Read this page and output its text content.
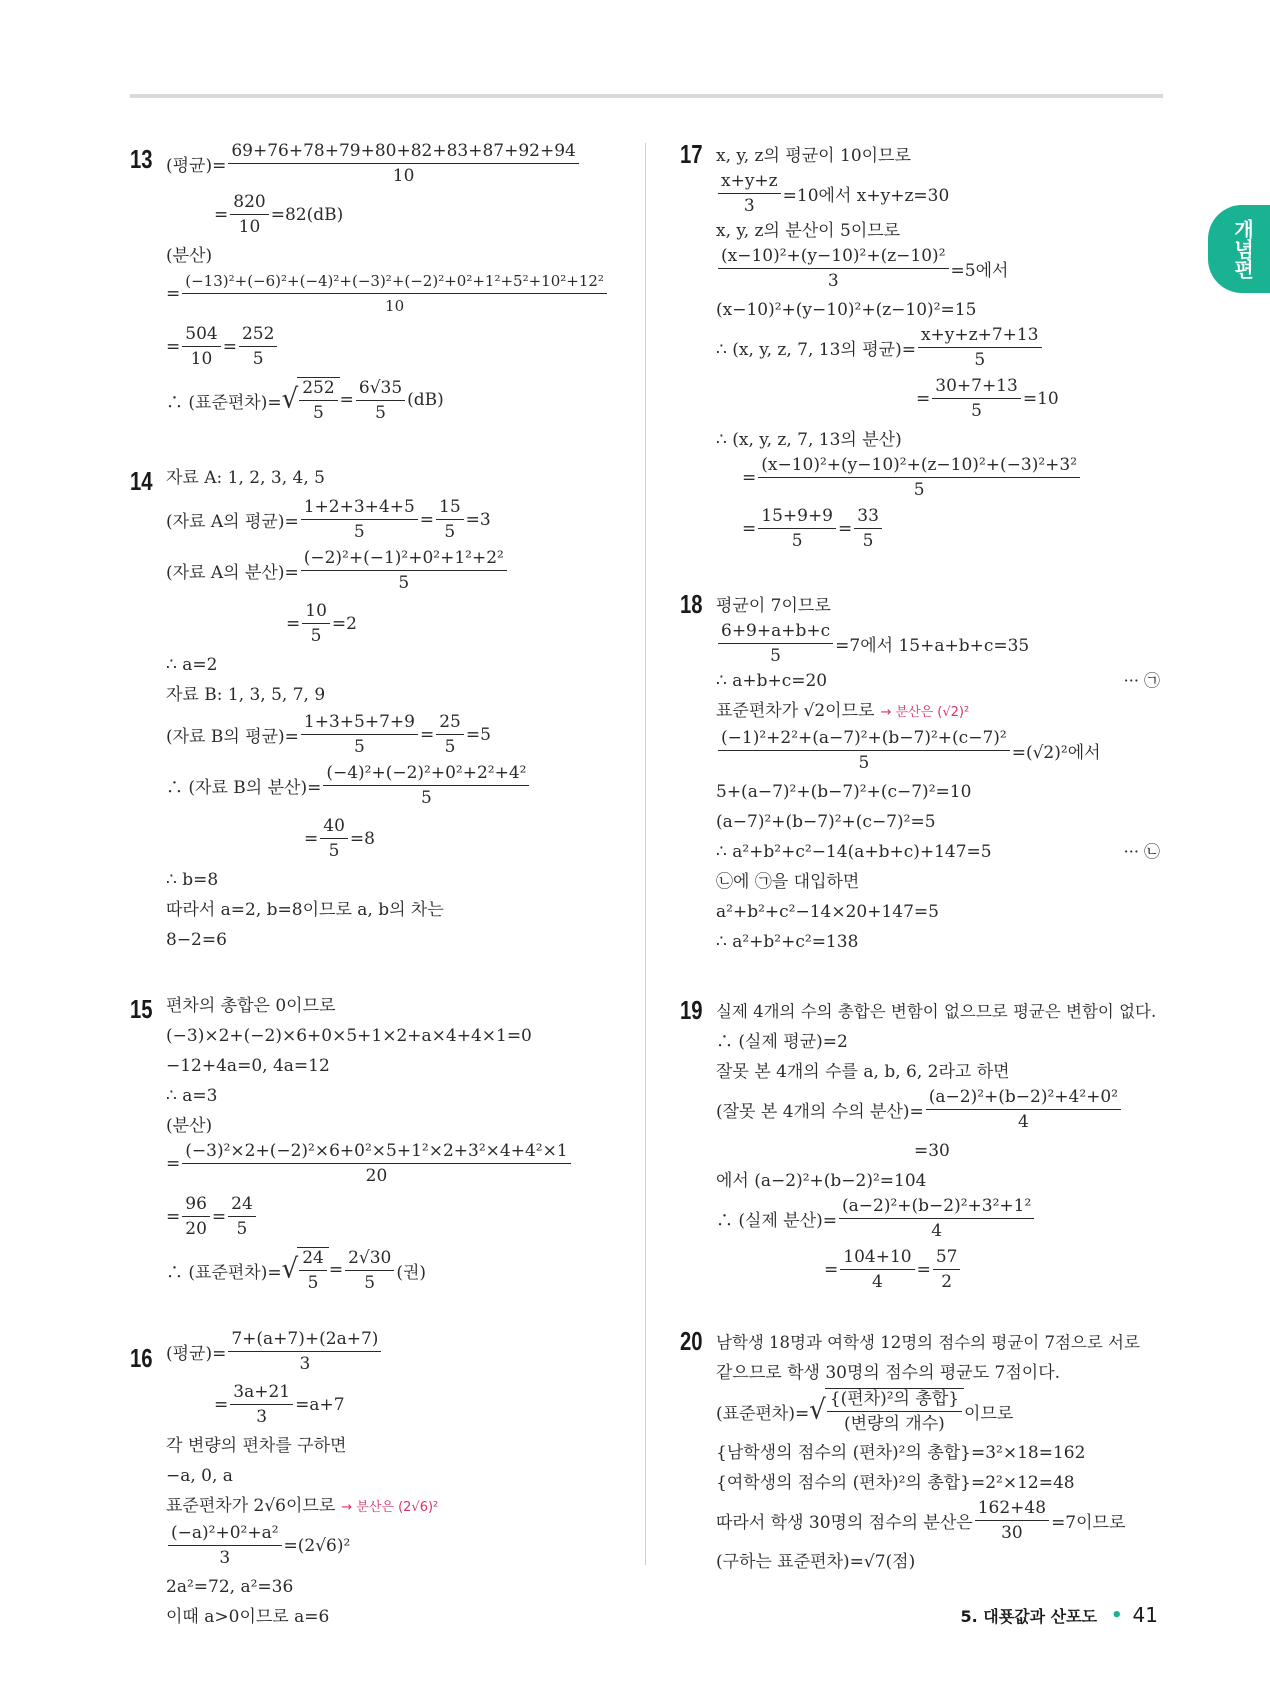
개념편
13 (평균)= $\frac{69+76+78+79+80+82+83+87+92+94}{10}$
= $\frac{820}{10} =82(dB)$
(분산)
= $\frac{\text{(−13)²+(−6)²+(−4)²+(−3)²+(−2)²+0²+1²+5²+10²+12²}}{10}$
= $\frac{504}{10} = \frac{252}{5}$
∴ (표준편차)= √ $\frac{252}{5} = \frac{6√35}{5} (dB)$
14 자료 A: 1, 2, 3, 4, 5
(자료 A의 평균)= $\frac{1+2+3+4+5}{5} = \frac{15}{5} =3$
(자료 A의 분산)= $\frac{\text{(−2)²+(−1)²+0²+1²+2²}}{5}$
= $\frac{10}{5} =2$
∴ a=2
자료 B: 1, 3, 5, 7, 9
(자료 B의 평균)= $\frac{1+3+5+7+9}{5} = \frac{25}{5} =5$
∴ (자료 B의 분산)= $\frac{\text{(−4)²+(−2)²+0²+2²+4²}}{5}$
= $\frac{40}{5} =8$
∴ b=8
따라서 a=2, b=8이므로 a, b의 차는
8−2=6
15 편차의 총합은 0이므로
(−3)×2+(−2)×6+0×5+1×2+a×4+4×1=0
−12+4a=0, 4a=12
∴ a=3
(분산)
= $\frac{\text{(−3)²×2+(−2)²×6+0²×5+1²×2+3²×4+4²×1}}{20}$
= $\frac{96}{20} = \frac{24}{5}$
∴ (표준편차)= √ $\frac{24}{5} = \frac{2√30}{5}$ (권)
16 (평균)= $\frac{7+(a+7)+(2a+7)}{3}$
= $\frac{3a+21}{3} =a+7$
각 변량의 편차를 구하면
−a, 0, a
표준편차가 2√6이므로 → 분산은 (2√6)²
$\frac{\text{(−a)²+0²+a²}}{3} =(2√6)^2$
2a²=72, a²=36
이때 a>0이므로 a=6
17 x, y, z의 평균이 10이므로
$\frac{x+y+z}{3} =10$에서 x+y+z=30
x, y, z의 분산이 5이므로
$\frac{\text{(x−10)²+(y−10)²+(z−10)²}}{3} =5$에서
(x−10)²+(y−10)²+(z−10)²=15
∴ (x, y, z, 7, 13의 평균)= $\frac{x+y+z+7+13}{5}$
= $\frac{30+7+13}{5} =10$
∴ (x, y, z, 7, 13의 분산)
= $\frac{\text{(x−10)²+(y−10)²+(z−10)²+(−3)²+3²}}{5}$
= $\frac{15+9+9}{5} = \frac{33}{5}$
18 평균이 7이므로
$\frac{6+9+a+b+c}{5} =7$에서 15+a+b+c=35
∴ a+b+c=20	··· ㉠
표준편차가 √2이므로 → 분산은 (√2)²
$\frac{\text{(−1)²+2²+(a−7)²+(b−7)²+(c−7)²}}{5} =(√2)^2$에서
5+(a−7)²+(b−7)²+(c−7)²=10
(a−7)²+(b−7)²+(c−7)²=5
∴ a²+b²+c²−14(a+b+c)+147=5	··· ㉡
㉡에 ㉠을 대입하면
a²+b²+c²−14×20+147=5
∴ a²+b²+c²=138
19 실제 4개의 수의 총합은 변함이 없으므로 평균은 변함이 없다.
∴ (실제 평균)=2
잘못 본 4개의 수를 a, b, 6, 2라고 하면
(잘못 본 4개의 수의 분산)= $\frac{\text{(a−2)²+(b−2)²+4²+0²}}{4}$
=30
에서 (a−2)²+(b−2)²=104
∴ (실제 분산)= $\frac{\text{(a−2)²+(b−2)²+3²+1²}}{4}$
= $\frac{104+10}{4} = \frac{57}{2}$
20 남학생 18명과 여학생 12명의 점수의 평균이 7점으로 서로
같으므로 학생 30명의 점수의 평균도 7점이다.
(표준편차)= √ $\frac{\text{\{(편차)²의 총합\}}}{\text{(변량의 개수)}}$ 이므로
{남학생의 점수의 (편차)²의 총합}=3²×18=162
{여학생의 점수의 (편차)²의 총합}=2²×12=48
따라서 학생 30명의 점수의 분산은 $\frac{162+48}{30} =7$이므로
(구하는 표준편차)=√7(점)
5. 대푯값과 산포도 • 41
